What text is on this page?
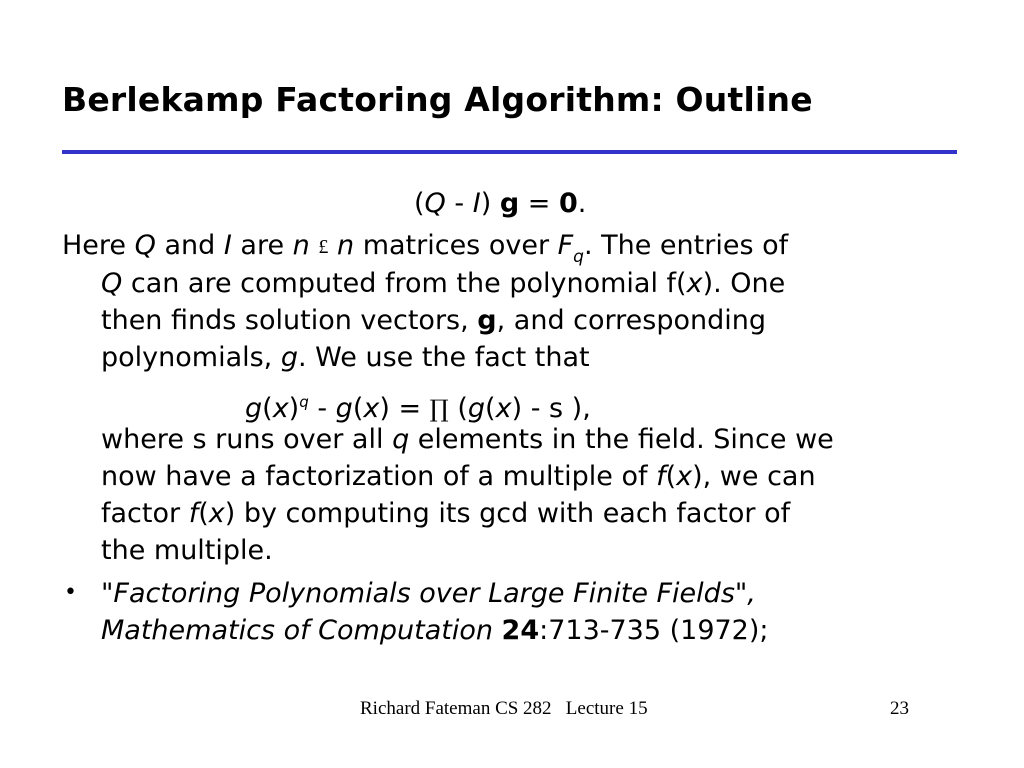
Berlekamp Factoring Algorithm: Outline
(Q - I) g = 0.
Here Q and I are n £ n matrices over $F_q$. The entries of
Q can are computed from the polynomial f(x). One
then finds solution vectors, g, and corresponding
polynomials, g. We use the fact that
$g(x)^q - g(x)$ = ∏ (g(x) - s ),
where s runs over all q elements in the field. Since we
now have a factorization of a multiple of f(x), we can
factor f(x) by computing its gcd with each factor of
the multiple.
• "Factoring Polynomials over Large Finite Fields",
Mathematics of Computation 24:713-735 (1972);
Richard Fateman CS 282   Lecture 15	23
